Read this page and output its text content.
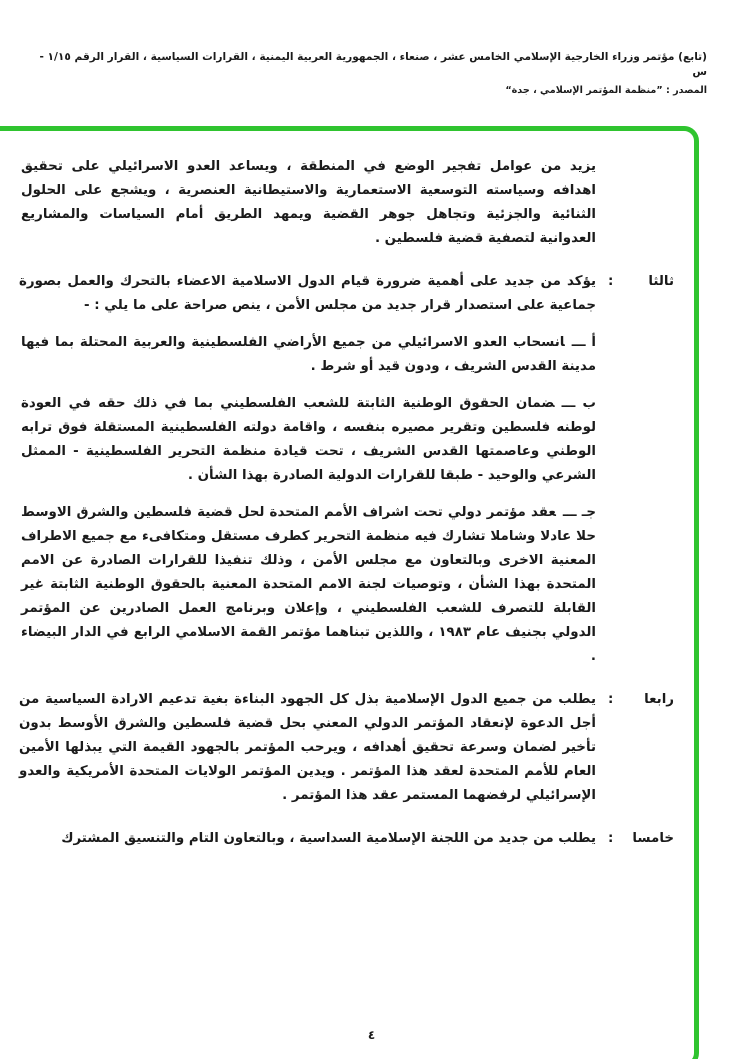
(تابع) مؤتمر وزراء الخارجية الإسلامي الخامس عشر ، صنعاء ، الجمهورية العربية اليمنية ، القرارات السياسية ، القرار الرقم ١/١٥ - س
المصدر : ”منظمة المؤتمر الإسلامي ، جدة“

يزيد من عوامل تفجير الوضع في المنطقة ، ويساعد العدو الاسرائيلي على تحقيق اهدافه وسياسته التوسعية الاستعمارية والاستيطانية العنصرية ، ويشجع على الحلول الثنائية والجزئية وتجاهل جوهر القضية ويمهد الطريق أمام السياسات والمشاريع العدوانية لتصفية قضية فلسطين .

ثالثا
:

يؤكد من جديد على أهمية ضرورة قيام الدول الاسلامية الاعضاء بالتحرك والعمل بصورة جماعية على استصدار قرار جديد من مجلس الأمن ، ينص صراحة على ما يلي : -

أ ـــانسحاب العدو الاسرائيلي من جميع الأراضي الفلسطينية والعربية المحتلة بما فيها مدينة القدس الشريف ، ودون قيد أو شرط .

ب ـــضمان الحقوق الوطنية الثابتة للشعب الفلسطيني بما في ذلك حقه في العودة لوطنه فلسطين وتقرير مصيره بنفسه ، واقامة دولته الفلسطينية المستقلة فوق ترابه الوطني وعاصمتها القدس الشريف ، تحت قيادة منظمة التحرير الفلسطينية - الممثل الشرعي والوحيد - طبقا للقرارات الدولية الصادرة بهذا الشأن .

جـ ـــعقد مؤتمر دولي تحت اشراف الأمم المتحدة لحل قضية فلسطين والشرق الاوسط حلا عادلا وشاملا تشارك فيه منظمة التحرير كطرف مستقل ومتكافىء مع جميع الاطراف المعنية الاخرى وبالتعاون مع مجلس الأمن ، وذلك تنفيذا للقرارات الصادرة عن الامم المتحدة بهذا الشأن ، وتوصيات لجنة الامم المتحدة المعنية بالحقوق الوطنية الثابتة غير القابلة للتصرف للشعب الفلسطيني ، وإعلان وبرنامج العمل الصادرين عن المؤتمر الدولي بجنيف عام ١٩٨٣ ، واللذين تبناهما مؤتمر القمة الاسلامي الرابع في الدار البيضاء .

رابعا
:

يطلب من جميع الدول الإسلامية بذل كل الجهود البناءة بغية تدعيم الارادة السياسية من أجل الدعوة لإنعقاد المؤتمر الدولي المعني بحل قضية فلسطين والشرق الأوسط بدون تأخير لضمان وسرعة تحقيق أهدافه ، ويرحب المؤتمر بالجهود القيمة التي يبذلها الأمين العام للأمم المتحدة لعقد هذا المؤتمر . ويدين المؤتمر الولايات المتحدة الأمريكية والعدو الإسرائيلي لرفضهما المستمر عقد هذا المؤتمر .

خامسا
:

يطلب من جديد من اللجنة الإسلامية السداسية ، وبالتعاون التام والتنسيق المشترك

٤
